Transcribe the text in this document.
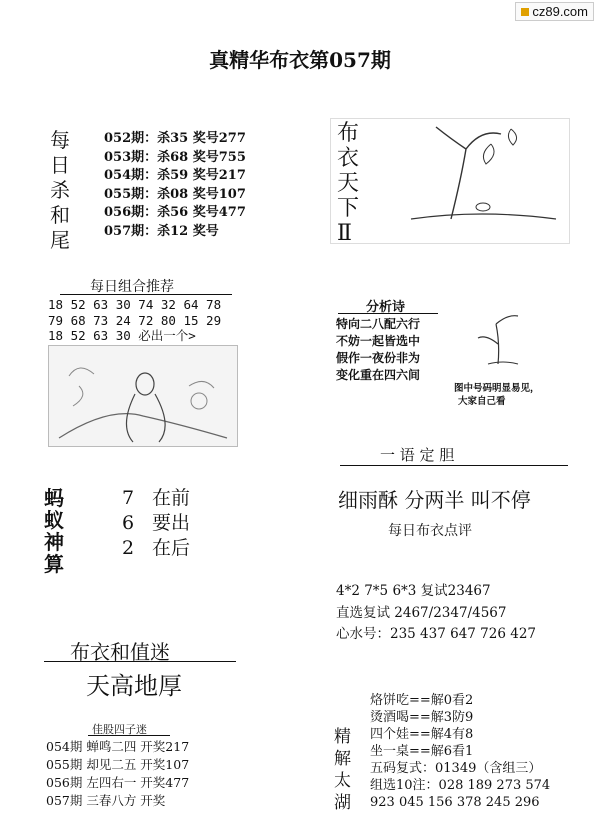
cz89.com
真精华布衣第057期
每
日
杀
和
尾
052期：杀35 奖号277
053期：杀68 奖号755
054期：杀59 奖号217
055期：杀08 奖号107
056期：杀56 奖号477
057期：杀12 奖号
每日组合推荐
18 52 63 30 74 32 64 78
79 68 73 24 72 80 15 29
18 52 63 30 必出一个>
蚂
蚁
神
算
7 在前
6 要出
2 在后
布衣和值迷
天高地厚
佳股四子迷
054期 蝉鸣二四 开奖217
055期 却见二五 开奖107
056期 左四右一 开奖477
057期 三春八方 开奖
布
衣
天
下
Ⅱ
分析诗
特向二八配六行
不妨一起皆选中
假作一夜份非为
变化重在四六间
图中号码明显易见，
大家自己看
一 语 定 胆
细雨酥 分两半 叫不停
每日布衣点评
4*2 7*5 6*3 复试23467
直选复试 2467/2347/4567
心水号：235 437 647 726 427
精
解
太
湖
烙饼吃==解0看2
烫酒喝==解3防9
四个娃==解4有8
坐一桌==解6看1
五码复式：01349（含组三）
组选10注：028 189 273 574
923 045 156 378 245 296
